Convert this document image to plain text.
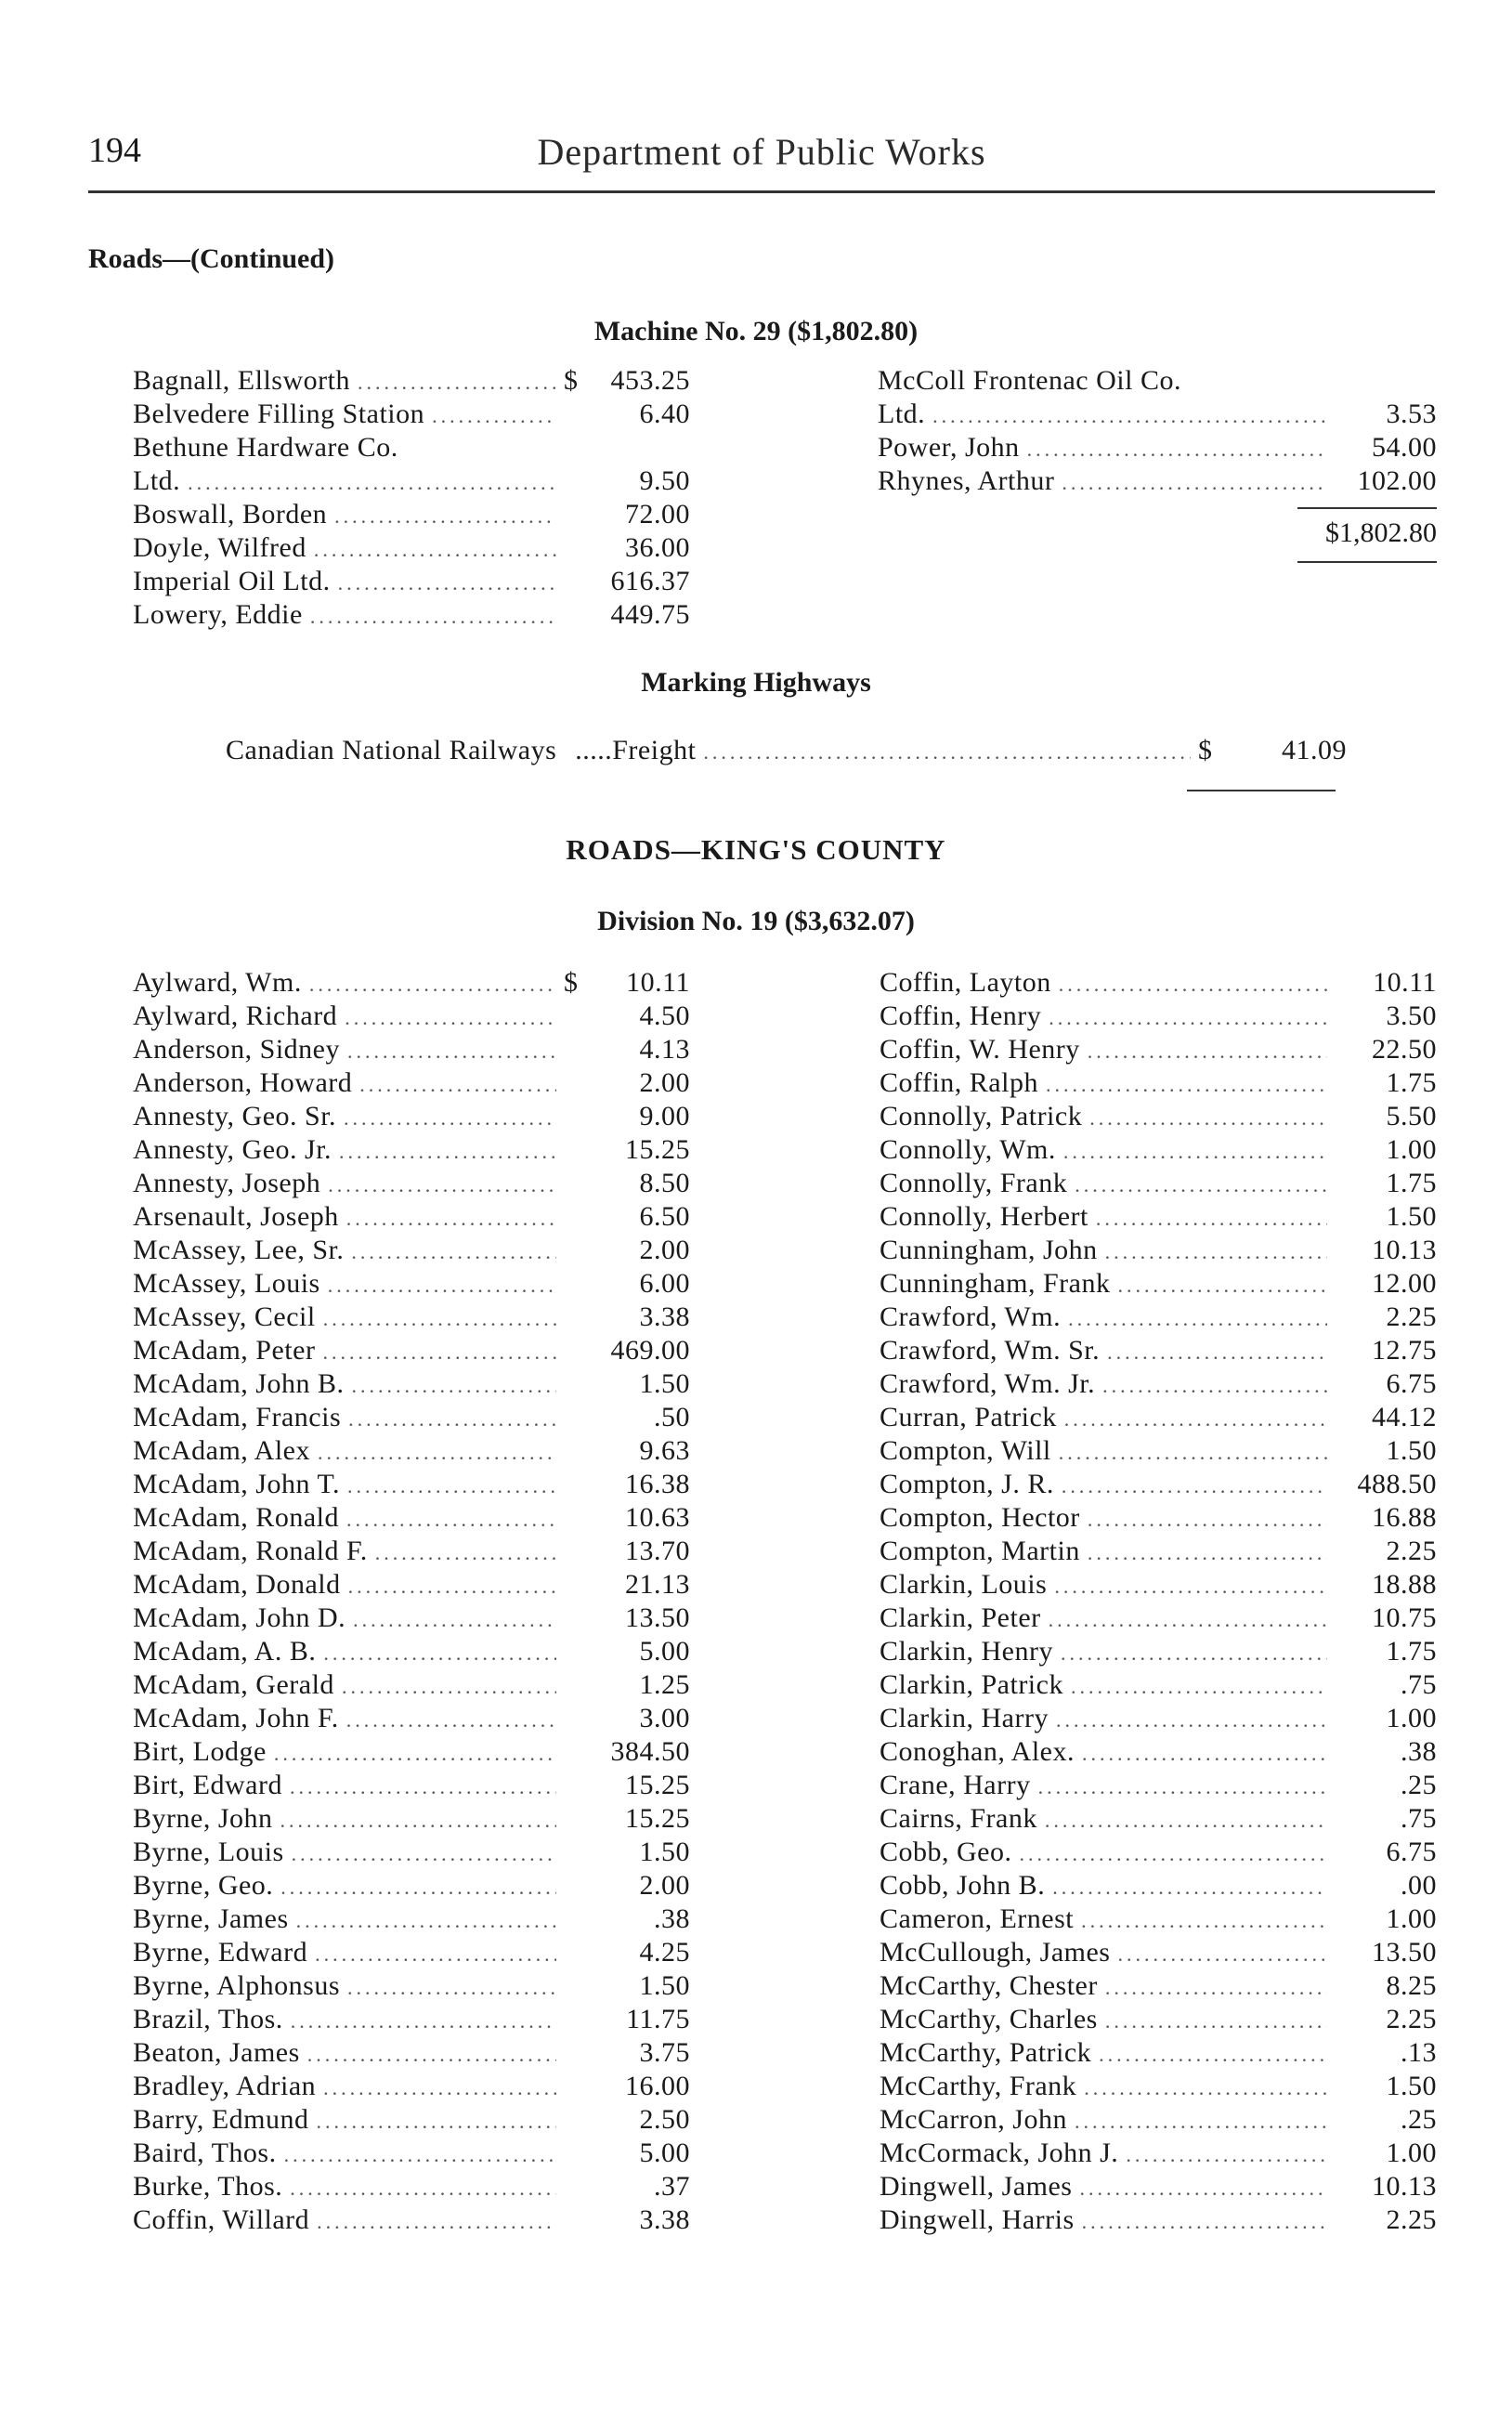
194	Department of Public Works
Roads—(Continued)
Machine No. 29 ($1,802.80)
Bagnall, Ellsworth .....	$	453.25
Belvedere Filling Station .....	6.40
Bethune Hardware Co.
Ltd. .....	9.50
Boswall, Borden .....	72.00
Doyle, Wilfred .....	36.00
Imperial Oil Ltd. .....	616.37
Lowery, Eddie .....	449.75
McColl Frontenac Oil Co.
Ltd. .....	3.53
Power, John .....	54.00
Rhynes, Arthur .....	102.00
$1,802.80
Marking Highways
Canadian National Railways ..... Freight .....	$	41.09
ROADS—KING'S COUNTY
Division No. 19 ($3,632.07)
Aylward, Wm. .....	$	10.11
Aylward, Richard .....	4.50
Anderson, Sidney .....	4.13
Anderson, Howard .....	2.00
Annesty, Geo. Sr. .....	9.00
Annesty, Geo. Jr. .....	15.25
Annesty, Joseph .....	8.50
Arsenault, Joseph .....	6.50
McAssey, Lee, Sr. .....	2.00
McAssey, Louis .....	6.00
McAssey, Cecil .....	3.38
McAdam, Peter .....	469.00
McAdam, John B. .....	1.50
McAdam, Francis .....	.50
McAdam, Alex .....	9.63
McAdam, John T. .....	16.38
McAdam, Ronald .....	10.63
McAdam, Ronald F. .....	13.70
McAdam, Donald .....	21.13
McAdam, John D. .....	13.50
McAdam, A. B. .....	5.00
McAdam, Gerald .....	1.25
McAdam, John F. .....	3.00
Birt, Lodge .....	384.50
Birt, Edward .....	15.25
Byrne, John .....	15.25
Byrne, Louis .....	1.50
Byrne, Geo. .....	2.00
Byrne, James .....	.38
Byrne, Edward .....	4.25
Byrne, Alphonsus .....	1.50
Brazil, Thos. .....	11.75
Beaton, James .....	3.75
Bradley, Adrian .....	16.00
Barry, Edmund .....	2.50
Baird, Thos. .....	5.00
Burke, Thos. .....	.37
Coffin, Willard .....	3.38
Coffin, Layton .....	10.11
Coffin, Henry .....	3.50
Coffin, W. Henry .....	22.50
Coffin, Ralph .....	1.75
Connolly, Patrick .....	5.50
Connolly, Wm. .....	1.00
Connolly, Frank .....	1.75
Connolly, Herbert .....	1.50
Cunningham, John .....	10.13
Cunningham, Frank .....	12.00
Crawford, Wm. .....	2.25
Crawford, Wm. Sr. .....	12.75
Crawford, Wm. Jr. .....	6.75
Curran, Patrick .....	44.12
Compton, Will .....	1.50
Compton, J. R. .....	488.50
Compton, Hector .....	16.88
Compton, Martin .....	2.25
Clarkin, Louis .....	18.88
Clarkin, Peter .....	10.75
Clarkin, Henry .....	1.75
Clarkin, Patrick .....	.75
Clarkin, Harry .....	1.00
Conoghan, Alex. .....	.38
Crane, Harry .....	.25
Cairns, Frank .....	.75
Cobb, Geo. .....	6.75
Cobb, John B. .....	.00
Cameron, Ernest .....	1.00
McCullough, James .....	13.50
McCarthy, Chester .....	8.25
McCarthy, Charles .....	2.25
McCarthy, Patrick .....	.13
McCarthy, Frank .....	1.50
McCarron, John .....	.25
McCormack, John J. .....	1.00
Dingwell, James .....	10.13
Dingwell, Harris .....	2.25
